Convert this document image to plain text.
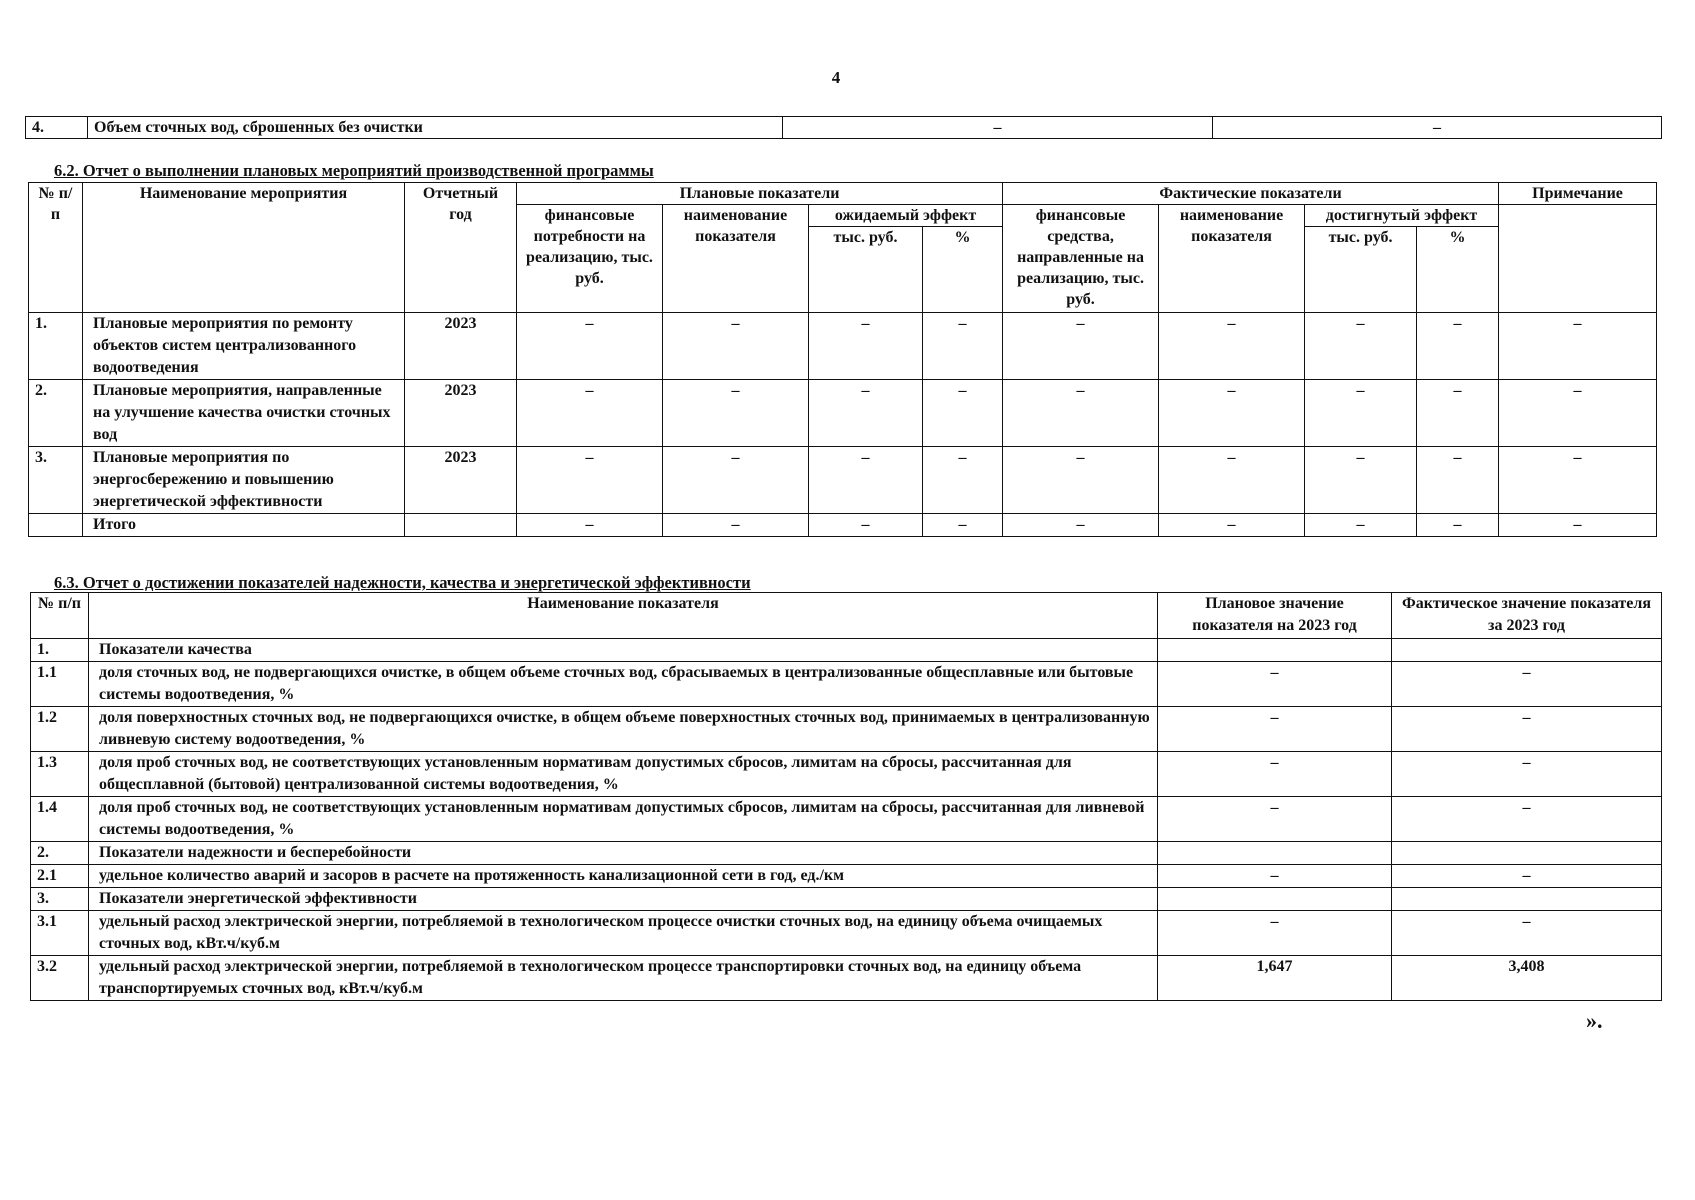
4
4.	Объем сточных вод, сброшенных без очистки	–	–
6.2. Отчет о выполнении плановых мероприятий производственной программы
№ п/п	Наименование мероприятия	Отчетный год	Плановые показатели				Фактические показатели				Примечание
			финансовые потребности на реализацию, тыс. руб.	наименование показателя	ожидаемый эффект		финансовые средства, направленные на реализацию, тыс. руб.	наименование показателя	достигнутый эффект		
					тыс. руб.	%			тыс. руб.	%	
1.	Плановые мероприятия по ремонту объектов систем централизованного водоотведения	2023	–	–	–	–	–	–	–	–	–
2.	Плановые мероприятия, направленные на улучшение качества очистки сточных вод	2023	–	–	–	–	–	–	–	–	–
3.	Плановые мероприятия по энергосбережению и повышению энергетической эффективности	2023	–	–	–	–	–	–	–	–	–
	Итого		–	–	–	–	–	–	–	–	–
6.3. Отчет о достижении показателей надежности, качества и энергетической эффективности
№ п/п	Наименование показателя	Плановое значение показателя на 2023 год	Фактическое значение показателя за 2023 год
1.	Показатели качества		
1.1	доля сточных вод, не подвергающихся очистке, в общем объеме сточных вод, сбрасываемых в централизованные общесплавные или бытовые системы водоотведения, %	–	–
1.2	доля поверхностных сточных вод, не подвергающихся очистке, в общем объеме поверхностных сточных вод, принимаемых в централизованную ливневую систему водоотведения, %	–	–
1.3	доля проб сточных вод, не соответствующих установленным нормативам допустимых сбросов, лимитам на сбросы, рассчитанная для общесплавной (бытовой) централизованной системы водоотведения, %	–	–
1.4	доля проб сточных вод, не соответствующих установленным нормативам допустимых сбросов, лимитам на сбросы, рассчитанная для ливневой системы водоотведения, %	–	–
2.	Показатели надежности и бесперебойности		
2.1	удельное количество аварий и засоров в расчете на протяженность канализационной сети в год, ед./км	–	–
3.	Показатели энергетической эффективности		
3.1	удельный расход электрической энергии, потребляемой в технологическом процессе очистки сточных вод, на единицу объема очищаемых сточных вод, кВт.ч/куб.м	–	–
3.2	удельный расход электрической энергии, потребляемой в технологическом процессе транспортировки сточных вод, на единицу объема транспортируемых сточных вод, кВт.ч/куб.м	1,647	3,408
».
